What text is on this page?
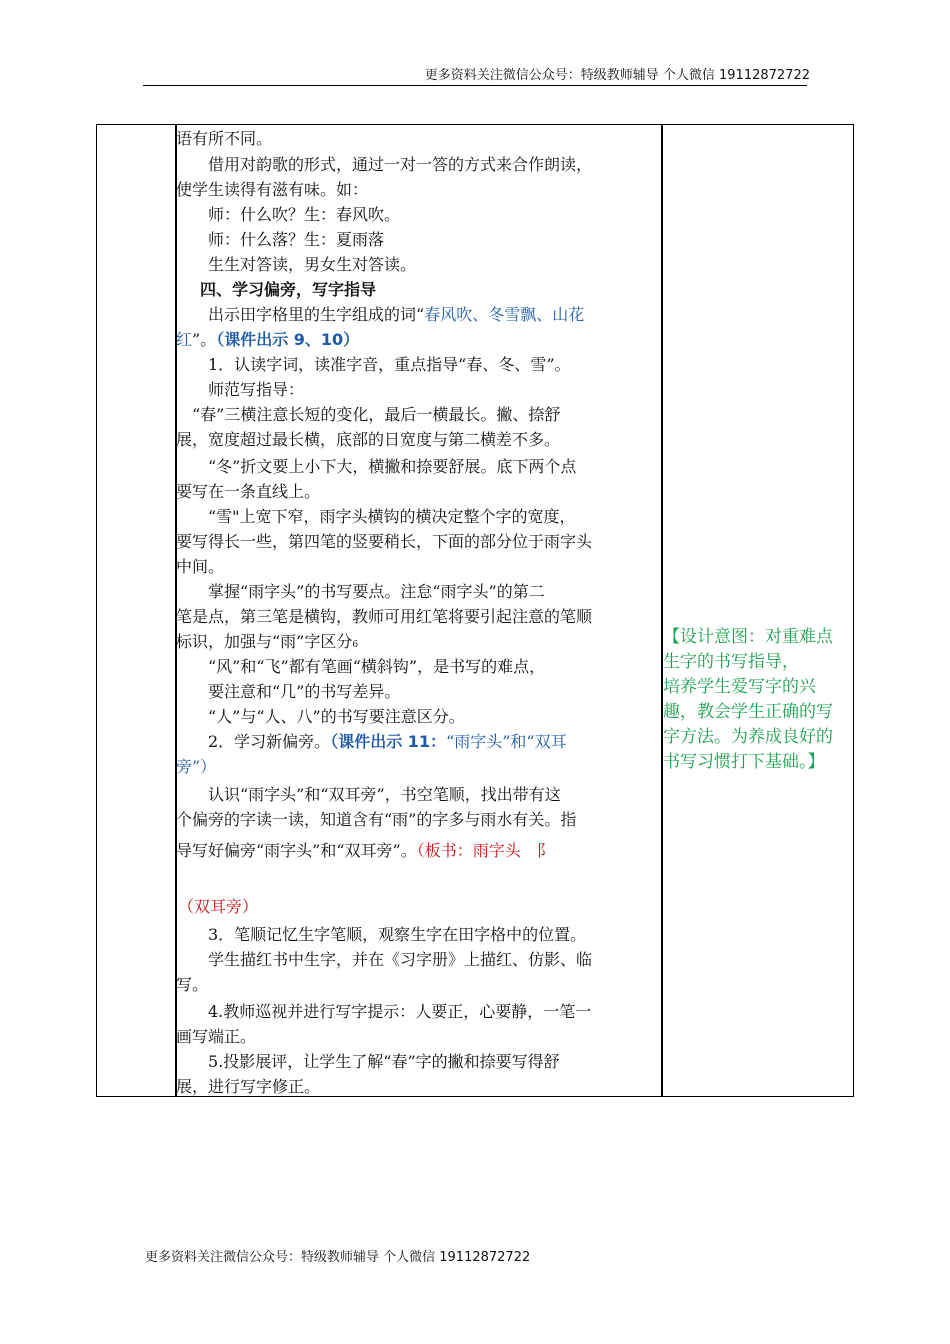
更多资料关注微信公众号：特级教师辅导 个人微信 19112872722
语有所不同。
　　借用对韵歌的形式，通过一对一答的方式来合作朗读，
使学生读得有滋有味。如：
　　师：什么吹？生：春风吹。
　　师：什么落？生：夏雨落
　　生生对答读，男女生对答读。
四、学习偏旁，写字指导
　　出示田字格里的生字组成的词“春风吹、冬雪飘、山花
红”。（课件出示 9、10）
　　1．认读字词，读准字音，重点指导“春、冬、雪”。
　　师范写指导：
　“春”三横注意长短的变化，最后一横最长。撇、捺舒
展，宽度超过最长横，底部的日宽度与第二横差不多。
　　“冬”折文要上小下大，横撇和捺要舒展。底下两个点
要写在一条直线上。
　　“雪"上宽下窄，雨字头横钩的横决定整个字的宽度，
要写得长一些，第四笔的竖要稍长，下面的部分位于雨字头
中间。
　　掌握“雨字头”的书写要点。注怠“雨字头”的第二
笔是点，第三笔是横钩，教师可用红笔将要引起注意的笔顺
标识，加强与“雨”字区分6
　　“风”和“飞”都有笔画“横斜钩”，是书写的难点，
　　要注意和“几”的书写差异。
　　“人”与“人、八”的书写要注意区分。
　　2．学习新偏旁。（课件出示 11：“雨字头”和“双耳
旁”）
　　认识“雨字头”和“双耳旁”，书空笔顺，找出带有这
个偏旁的字读一读，知道含有“雨”的字多与雨水有关。指
导写好偏旁“雨字头”和“双耳旁”。（板书：雨字头　阝
（双耳旁）
　　3．笔顺记忆生字笔顺，观察生字在田字格中的位置。
　　学生描红书中生字，并在《习字册》上描红、仿影、临
写。
　　4.教师巡视并进行写字提示：人要正，心要静，一笔一
画写端正。
　　5.投影展评，让学生了解“春”字的撇和捺要写得舒
展，进行写字修正。
【设计意图：对重难点
生字的书写指导，
培养学生爱写字的兴
趣，教会学生正确的写
字方法。为养成良好的
书写习惯打下基础。】
更多资料关注微信公众号：特级教师辅导 个人微信 19112872722
